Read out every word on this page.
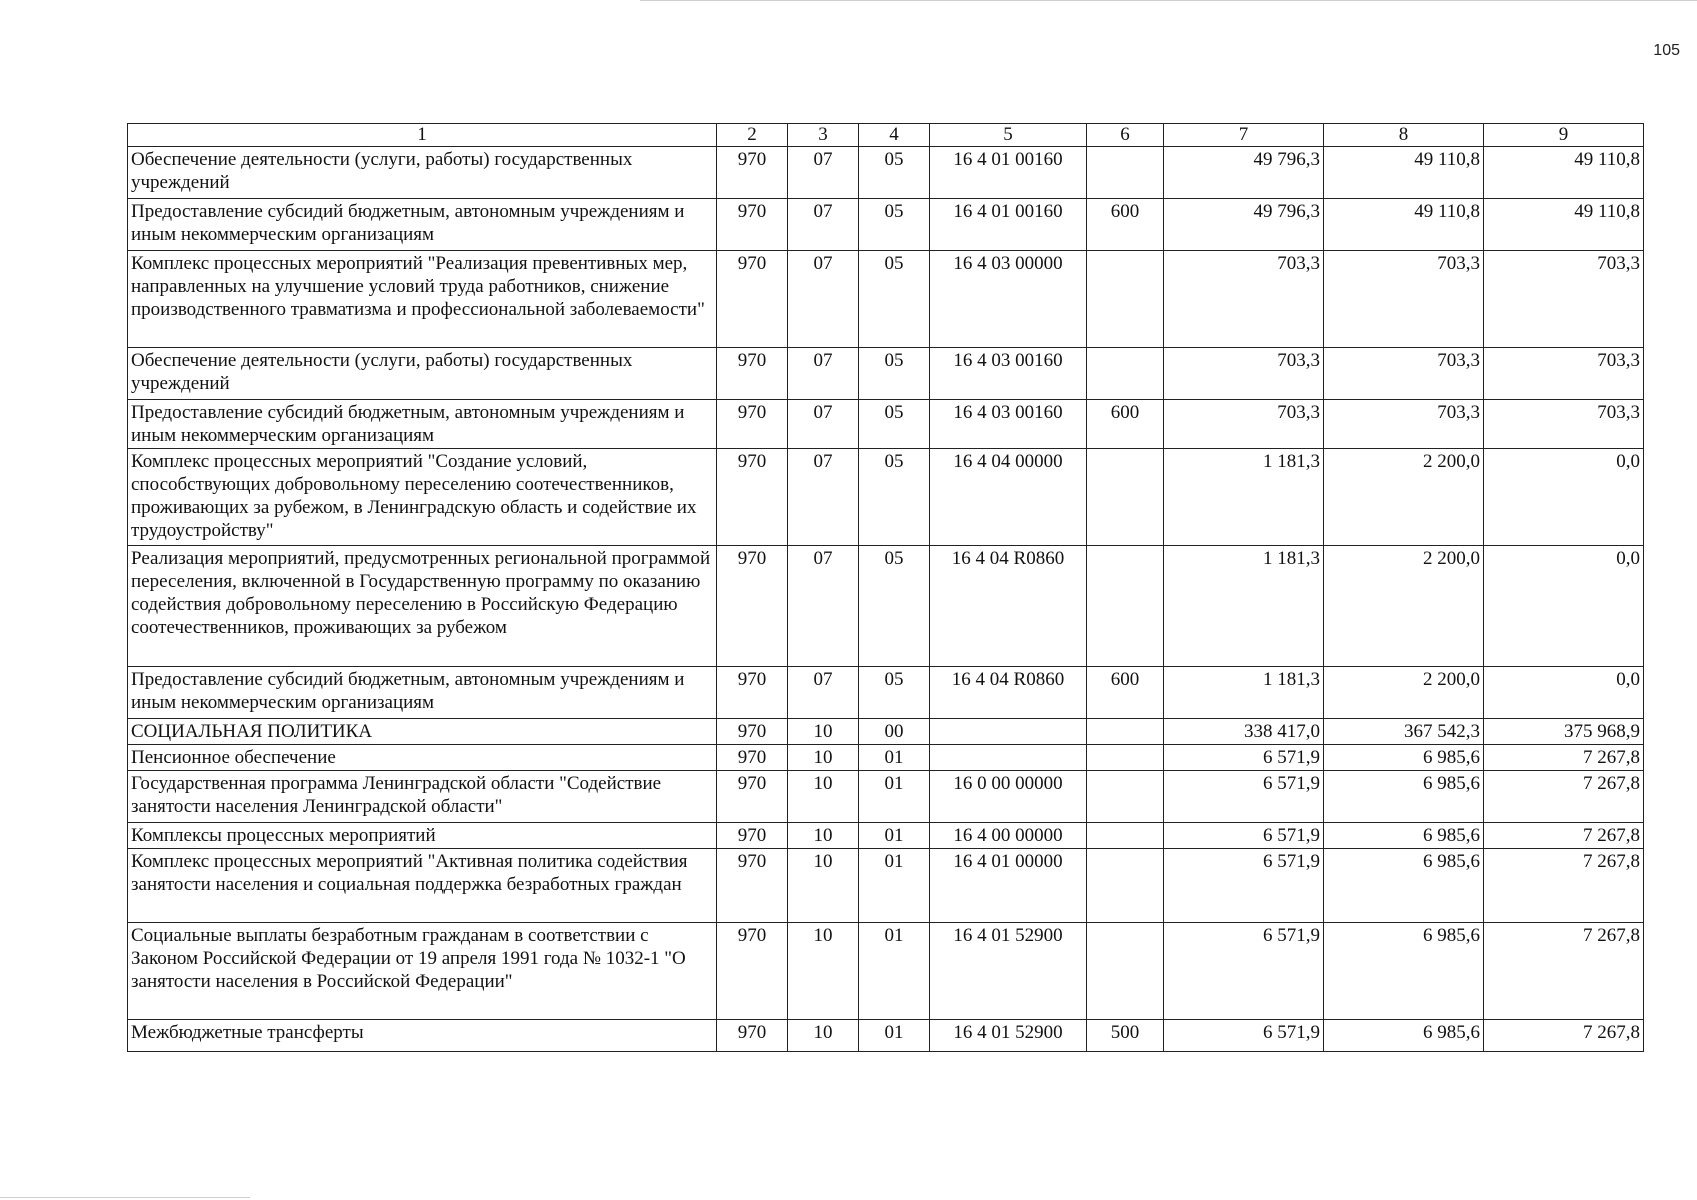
105
1	2	3	4	5	6	7	8	9
Обеспечение деятельности (услуги, работы) государственных учреждений	970	07	05	16 4 01 00160		49 796,3	49 110,8	49 110,8
Предоставление субсидий бюджетным, автономным учреждениям и иным некоммерческим организациям	970	07	05	16 4 01 00160	600	49 796,3	49 110,8	49 110,8
Комплекс процессных мероприятий "Реализация превентивных мер, направленных на улучшение условий труда работников, снижение производственного травматизма и профессиональной заболеваемости"	970	07	05	16 4 03 00000		703,3	703,3	703,3
Обеспечение деятельности (услуги, работы) государственных учреждений	970	07	05	16 4 03 00160		703,3	703,3	703,3
Предоставление субсидий бюджетным, автономным учреждениям и иным некоммерческим организациям	970	07	05	16 4 03 00160	600	703,3	703,3	703,3
Комплекс процессных мероприятий "Создание условий, способствующих добровольному переселению соотечественников, проживающих за рубежом, в Ленинградскую область и содействие их трудоустройству"	970	07	05	16 4 04 00000		1 181,3	2 200,0	0,0
Реализация мероприятий, предусмотренных региональной программой переселения, включенной в Государственную программу по оказанию содействия добровольному переселению в Российскую Федерацию соотечественников, проживающих за рубежом	970	07	05	16 4 04 R0860		1 181,3	2 200,0	0,0
Предоставление субсидий бюджетным, автономным учреждениям и иным некоммерческим организациям	970	07	05	16 4 04 R0860	600	1 181,3	2 200,0	0,0
СОЦИАЛЬНАЯ ПОЛИТИКА	970	10	00			338 417,0	367 542,3	375 968,9
Пенсионное обеспечение	970	10	01			6 571,9	6 985,6	7 267,8
Государственная программа Ленинградской области "Содействие занятости населения Ленинградской области"	970	10	01	16 0 00 00000		6 571,9	6 985,6	7 267,8
Комплексы процессных мероприятий	970	10	01	16 4 00 00000		6 571,9	6 985,6	7 267,8
Комплекс процессных мероприятий "Активная политика содействия занятости населения и социальная поддержка безработных граждан	970	10	01	16 4 01 00000		6 571,9	6 985,6	7 267,8
Социальные выплаты безработным гражданам в соответствии с Законом Российской Федерации от 19 апреля 1991 года № 1032-1 "О занятости населения в Российской Федерации"	970	10	01	16 4 01 52900		6 571,9	6 985,6	7 267,8
Межбюджетные трансферты	970	10	01	16 4 01 52900	500	6 571,9	6 985,6	7 267,8
